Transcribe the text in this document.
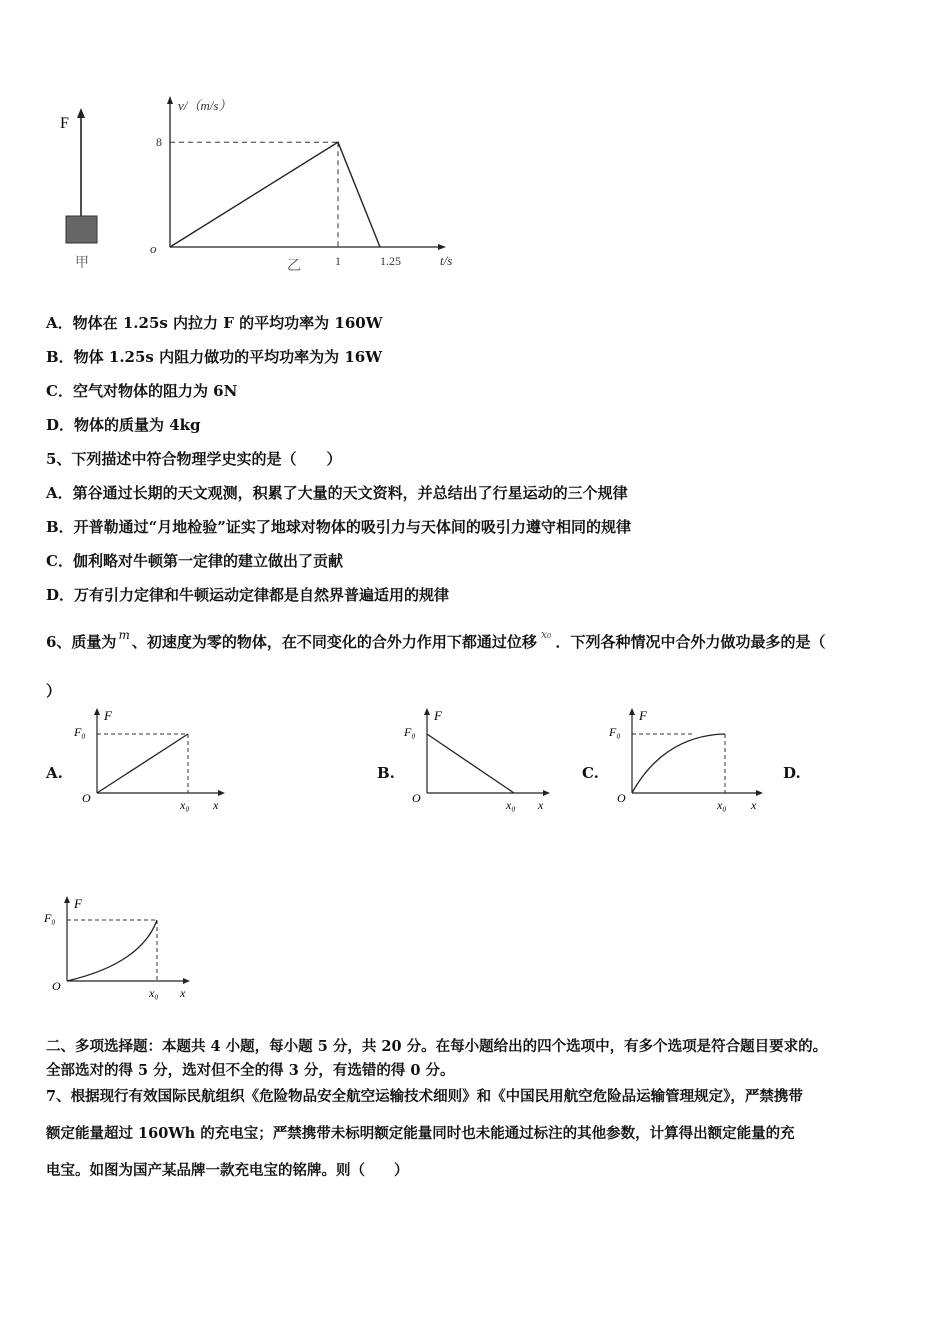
F
甲
v/（m/s）
t/s
o
8
1	1.25
乙
A．物体在 1.25s 内拉力 F 的平均功率为 160W
B．物体 1.25s 内阻力做功的平均功率为为 16W
C．空气对物体的阻力为 6N
D．物体的质量为 4kg
5、下列描述中符合物理学史实的是（　　）
A．第谷通过长期的天文观测，积累了大量的天文资料，并总结出了行星运动的三个规律
B．开普勒通过“月地检验”证实了地球对物体的吸引力与天体间的吸引力遵守相同的规律
C．伽利略对牛顿第一定律的建立做出了贡献
D．万有引力定律和牛顿运动定律都是自然界普遍适用的规律
6、质量为 $^m$ 、初速度为零的物体，在不同变化的合外力作用下都通过位移 $^{x_0}$ ．下列各种情况中合外力做功最多的是（
）
A.	B.	C.	D.
F
F₀
O	x₀ x
F
F₀
O	x₀ x
F
F₀
O	x₀ x
F
F₀
O	x₀ x
二、多项选择题：本题共 4 小题，每小题 5 分，共 20 分。在每小题给出的四个选项中，有多个选项是符合题目要求的。
全部选对的得 5 分，选对但不全的得 3 分，有选错的得 0 分。
7、根据现行有效国际民航组织《危险物品安全航空运输技术细则》和《中国民用航空危险品运输管理规定》，严禁携带
额定能量超过 160Wh 的充电宝；严禁携带未标明额定能量同时也未能通过标注的其他参数，计算得出额定能量的充
电宝。如图为国产某品牌一款充电宝的铭牌。则（　　）
